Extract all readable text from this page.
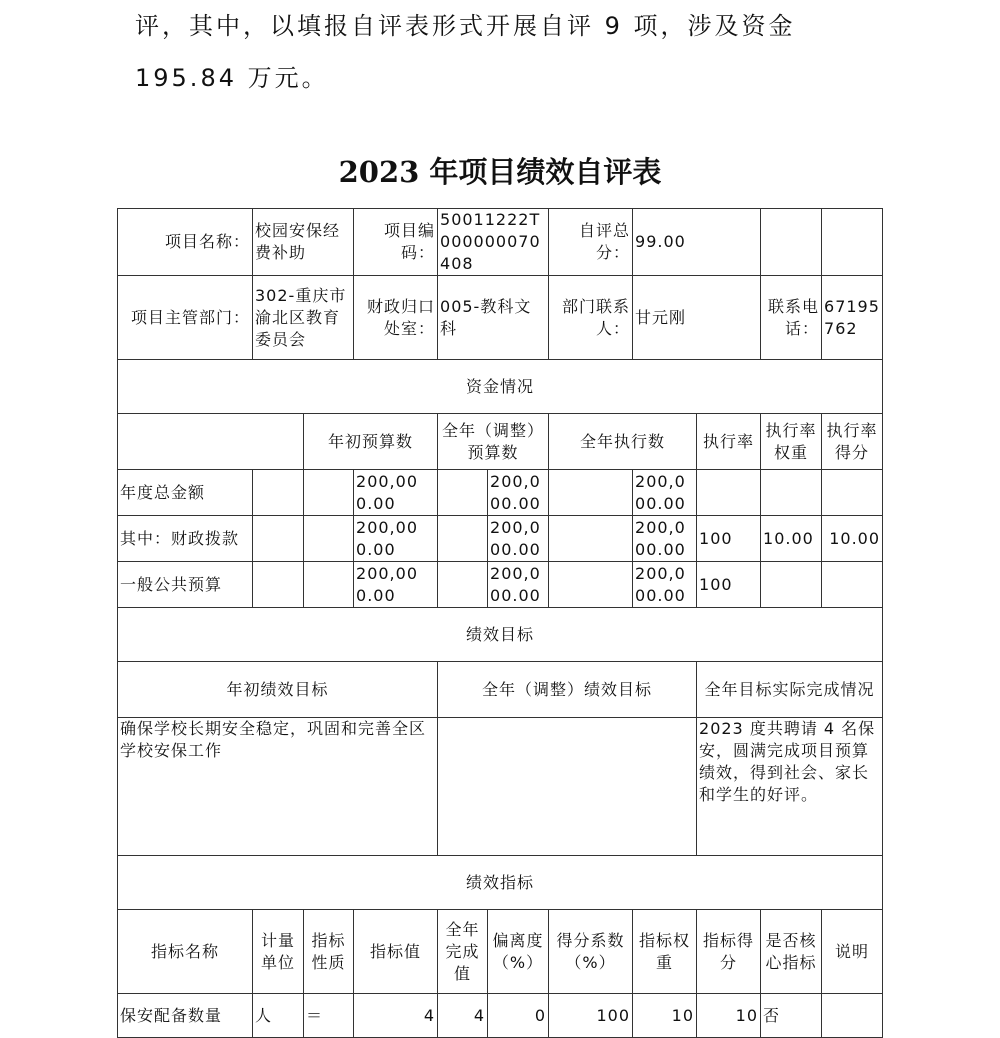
评，其中，以填报自评表形式开展自评 9 项，涉及资金 195.84 万元。

2023 年项目绩效自评表
项目名称：	校园安保经费补助		项目编码：	50011222T000000070408		自评总分：	99.00			
项目主管部门：	302-重庆市渝北区教育委员会		财政归口处室：	005-教科文科		部门联系人：	甘元刚		联系电话：	67195762
资金情况										
		年初预算数		全年（调整）预算数		全年执行数		执行率	执行率权重	执行率得分
年度总金额			200,000.00		200,000.00		200,000.00			
其中：财政拨款			200,000.00		200,000.00		200,000.00	100	10.00	10.00
一般公共预算			200,000.00		200,000.00		200,000.00	100		
绩效目标										
年初绩效目标				全年（调整）绩效目标				全年目标实际完成情况		
确保学校长期安全稳定，巩固和完善全区学校安保工作								2023 度共聘请 4 名保安，圆满完成项目预算绩效，得到社会、家长和学生的好评。		
绩效指标										
指标名称	计量单位	指标性质	指标值	全年完成值	偏离度（%）	得分系数（%）	指标权重	指标得分	是否核心指标	说明
保安配备数量	人	＝	4	4	0	100	10	10	否	
